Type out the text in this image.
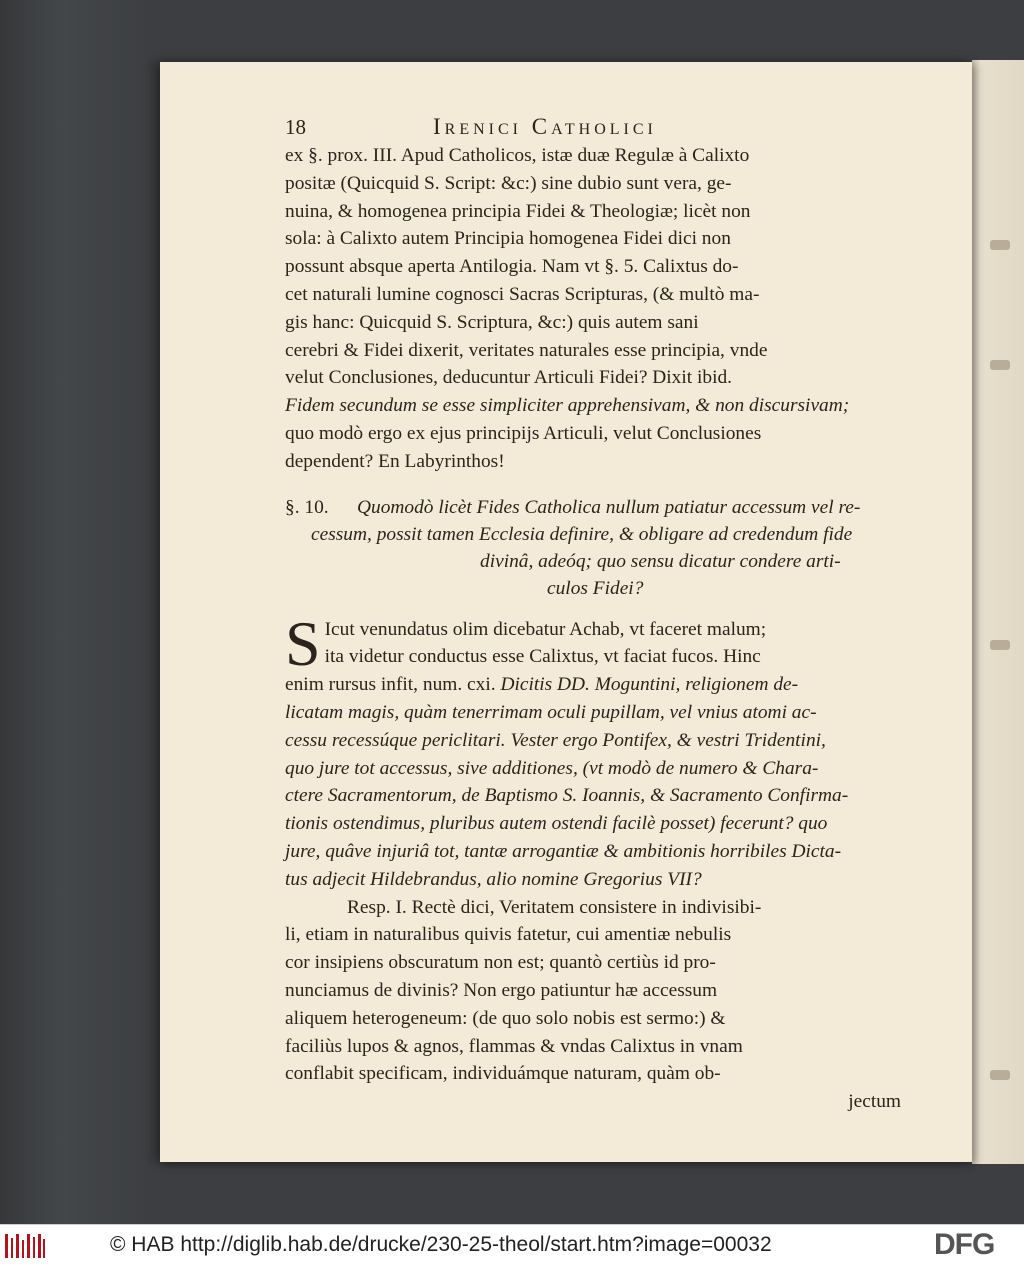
18	Irenici Catholici
ex §. prox. III. Apud Catholicos, istæ duæ Regulæ à Calixto
positæ (Quicquid S. Script: &c:) sine dubio sunt vera, ge-
nuina, & homogenea principia Fidei & Theologiæ; licèt non
sola: à Calixto autem Principia homogenea Fidei dici non
possunt absque aperta Antilogia. Nam vt §. 5. Calixtus do-
cet naturali lumine cognosci Sacras Scripturas, (& multò ma-
gis hanc: Quicquid S. Scriptura, &c:) quis autem sani
cerebri & Fidei dixerit, veritates naturales esse principia, vnde
velut Conclusiones, deducuntur Articuli Fidei? Dixit ibid.
Fidem secundum se esse simpliciter apprehensivam, & non discursivam;
quo modò ergo ex ejus principijs Articuli, velut Conclusiones
dependent? En Labyrinthos!
§. 10. Quomodò licèt Fides Catholica nullum patiatur accessum vel re-
cessum, possit tamen Ecclesia definire, & obligare ad credendum fide
divinâ, adeóq; quo sensu dicatur condere arti-
culos Fidei?
S Icut venundatus olim dicebatur Achab, vt faceret malum;
ita videtur conductus esse Calixtus, vt faciat fucos. Hinc
enim rursus infit, num. cxi. Dicitis DD. Moguntini, religionem de-
licatam magis, quàm tenerrimam oculi pupillam, vel vnius atomi ac-
cessu recessúque periclitari. Vester ergo Pontifex, & vestri Tridentini,
quo jure tot accessus, sive additiones, (vt modò de numero & Chara-
ctere Sacramentorum, de Baptismo S. Ioannis, & Sacramento Confirma-
tionis ostendimus, pluribus autem ostendi facilè posset) fecerunt? quo
jure, quâve injuriâ tot, tantæ arrogantiæ & ambitionis horribiles Dicta-
tus adjecit Hildebrandus, alio nomine Gregorius VII?
Resp. I. Rectè dici, Veritatem consistere in indivisibi-
li, etiam in naturalibus quivis fatetur, cui amentiæ nebulis
cor insipiens obscuratum non est; quantò certiùs id pro-
nunciamus de divinis? Non ergo patiuntur hæ accessum
aliquem heterogeneum: (de quo solo nobis est sermo:) &
faciliùs lupos & agnos, flammas & vndas Calixtus in vnam
conflabit specificam, individuámque naturam, quàm ob-
jectum
© HAB http://diglib.hab.de/drucke/230-25-theol/start.htm?image=00032	DFG
